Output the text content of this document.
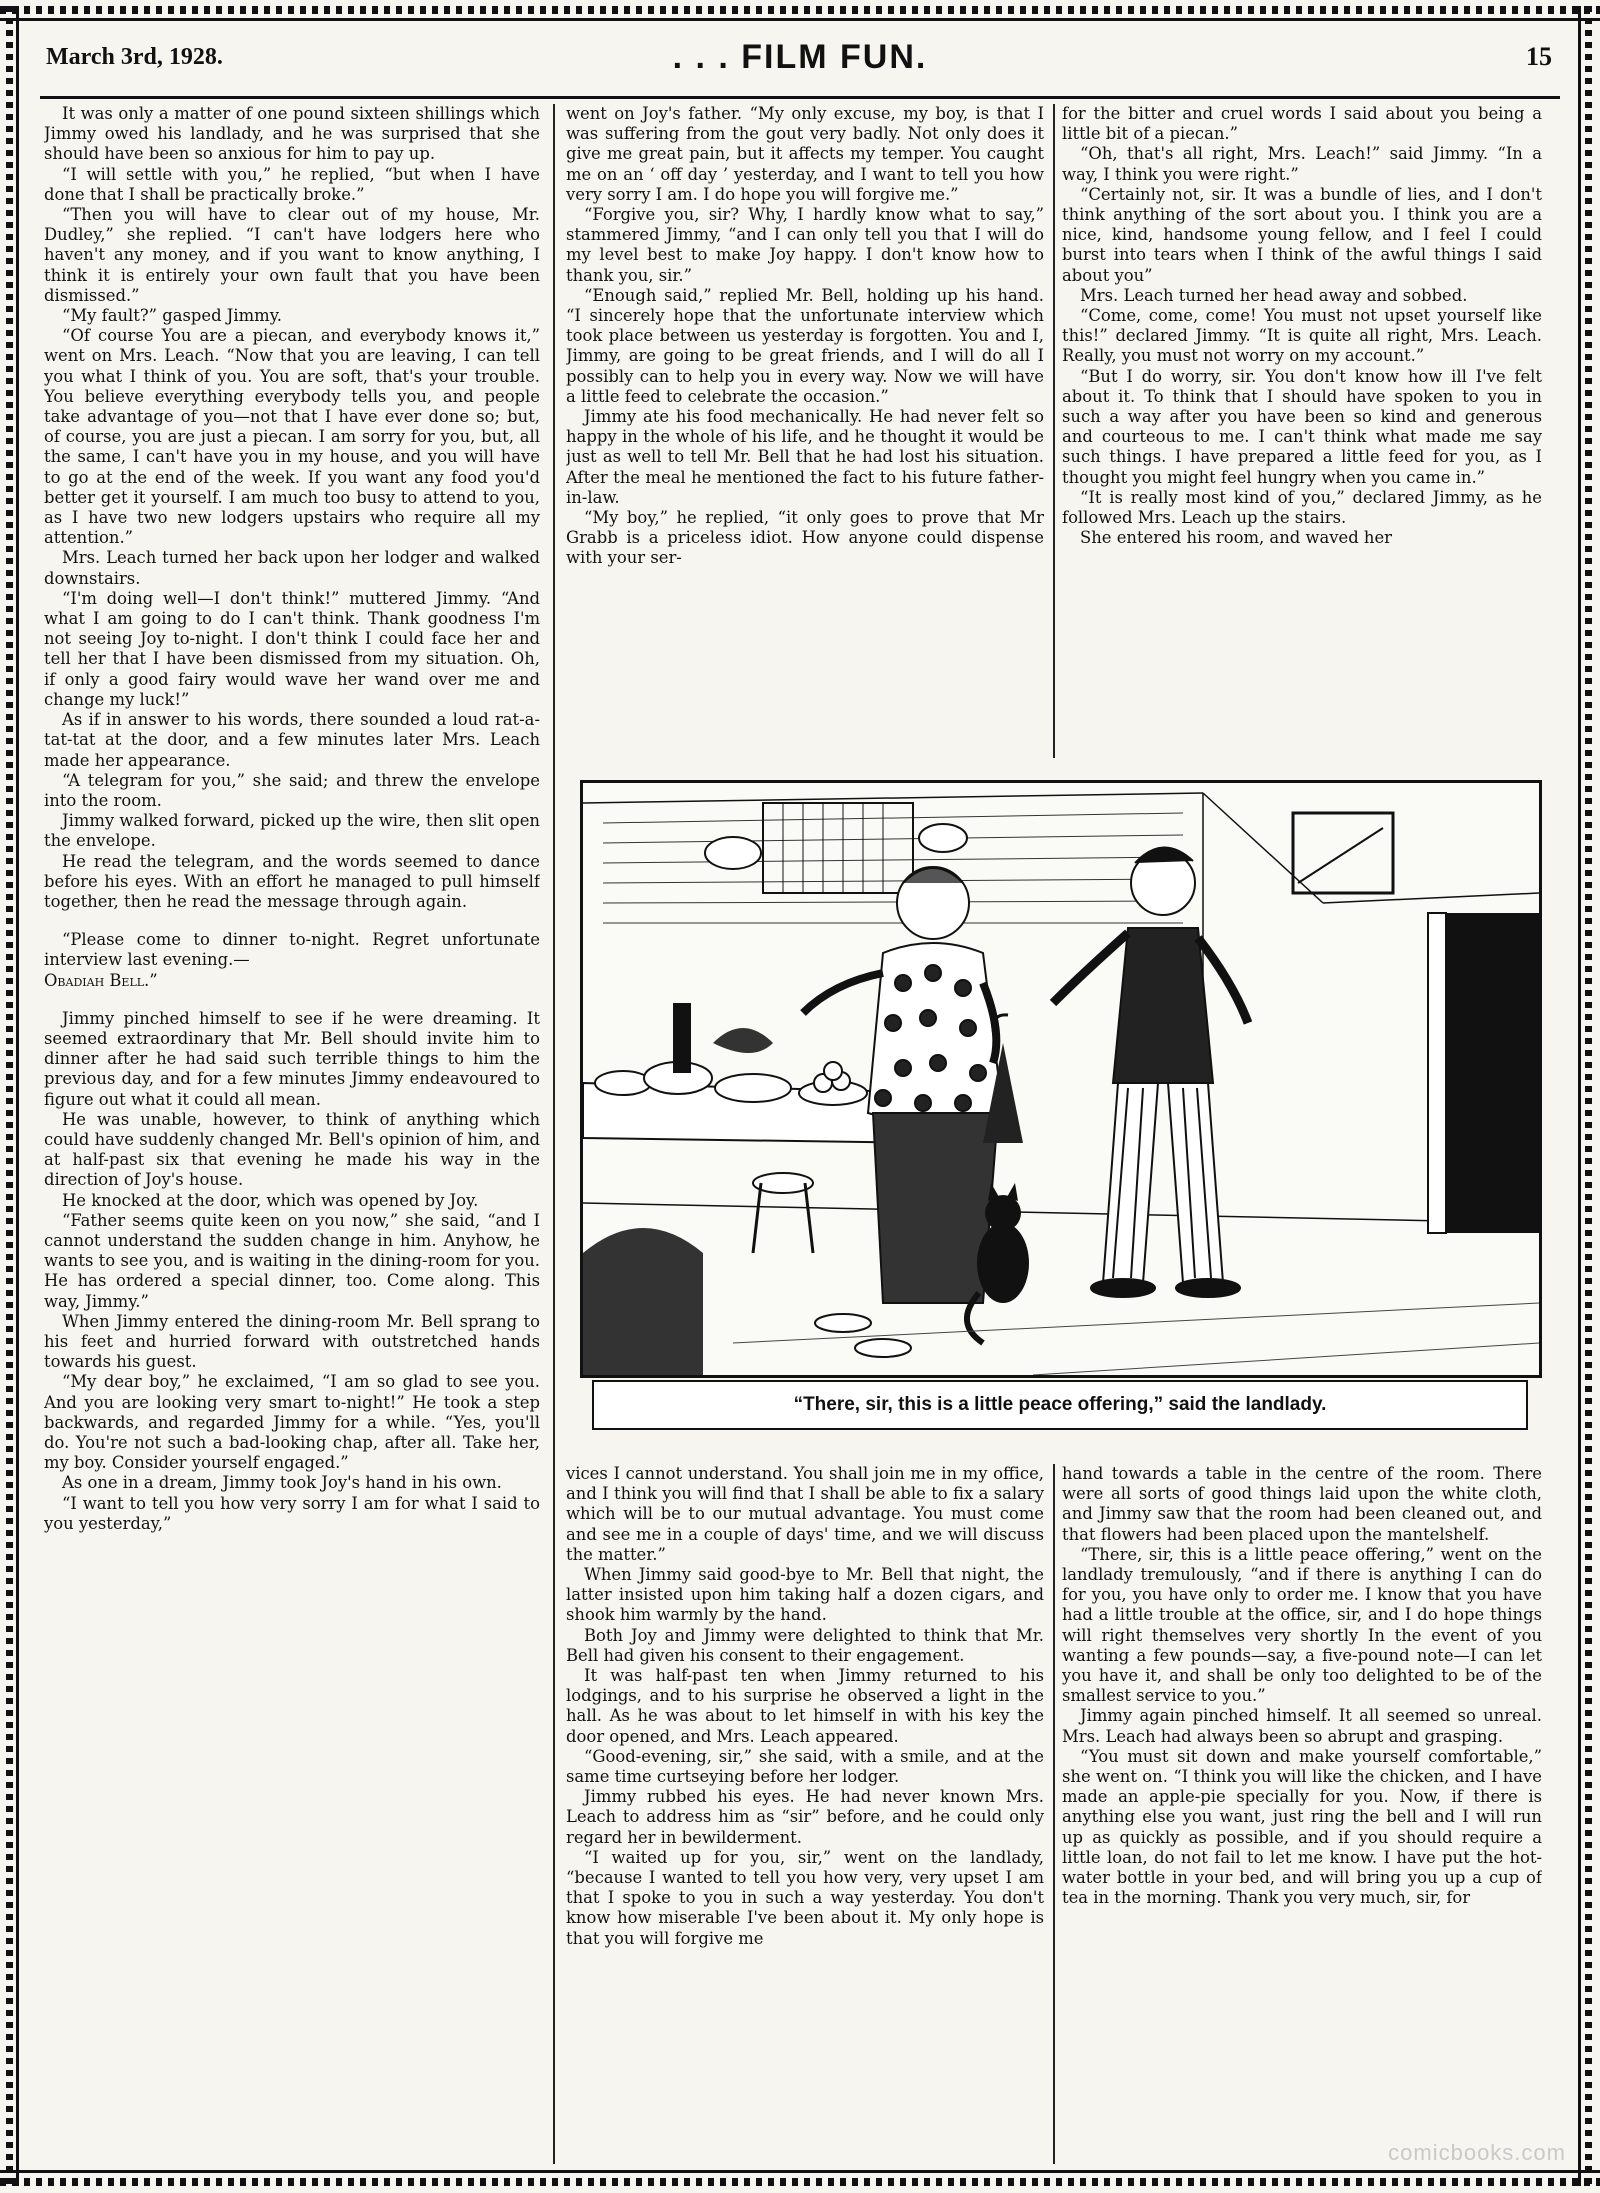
March 3rd, 1928.	. . . FILM FUN.	15

It was only a matter of one pound sixteen shillings which Jimmy owed his landlady, and he was surprised that she should have been so anxious for him to pay up.

“I will settle with you,” he replied, “but when I have done that I shall be practically broke.”

“Then you will have to clear out of my house, Mr. Dudley,” she replied. “I can't have lodgers here who haven't any money, and if you want to know anything, I think it is entirely your own fault that you have been dismissed.”

“My fault?” gasped Jimmy.

“Of course You are a piecan, and everybody knows it,” went on Mrs. Leach. “Now that you are leaving, I can tell you what I think of you. You are soft, that's your trouble. You believe everything everybody tells you, and people take advantage of you—not that I have ever done so; but, of course, you are just a piecan. I am sorry for you, but, all the same, I can't have you in my house, and you will have to go at the end of the week. If you want any food you'd better get it yourself. I am much too busy to attend to you, as I have two new lodgers upstairs who require all my attention.”

Mrs. Leach turned her back upon her lodger and walked downstairs.

“I'm doing well—I don't think!” muttered Jimmy. “And what I am going to do I can't think. Thank goodness I'm not seeing Joy to-night. I don't think I could face her and tell her that I have been dismissed from my situation. Oh, if only a good fairy would wave her wand over me and change my luck!”

As if in answer to his words, there sounded a loud rat-a-tat-tat at the door, and a few minutes later Mrs. Leach made her appearance.

“A telegram for you,” she said; and threw the envelope into the room.

Jimmy walked forward, picked up the wire, then slit open the envelope.

He read the telegram, and the words seemed to dance before his eyes. With an effort he managed to pull himself together, then he read the message through again.

“Please come to dinner to-night. Regret unfortunate interview last evening.—
Obadiah Bell.”

Jimmy pinched himself to see if he were dreaming. It seemed extraordinary that Mr. Bell should invite him to dinner after he had said such terrible things to him the previous day, and for a few minutes Jimmy endeavoured to figure out what it could all mean.

He was unable, however, to think of anything which could have suddenly changed Mr. Bell's opinion of him, and at half-past six that evening he made his way in the direction of Joy's house.

He knocked at the door, which was opened by Joy.

“Father seems quite keen on you now,” she said, “and I cannot understand the sudden change in him. Anyhow, he wants to see you, and is waiting in the dining-room for you. He has ordered a special dinner, too. Come along. This way, Jimmy.”

When Jimmy entered the dining-room Mr. Bell sprang to his feet and hurried forward with outstretched hands towards his guest.

“My dear boy,” he exclaimed, “I am so glad to see you. And you are looking very smart to-night!” He took a step backwards, and regarded Jimmy for a while. “Yes, you'll do. You're not such a bad-looking chap, after all. Take her, my boy. Consider yourself engaged.”

As one in a dream, Jimmy took Joy's hand in his own.

“I want to tell you how very sorry I am for what I said to you yesterday,”

went on Joy's father. “My only excuse, my boy, is that I was suffering from the gout very badly. Not only does it give me great pain, but it affects my temper. You caught me on an ‘ off day ’ yesterday, and I want to tell you how very sorry I am. I do hope you will forgive me.”

“Forgive you, sir? Why, I hardly know what to say,” stammered Jimmy, “and I can only tell you that I will do my level best to make Joy happy. I don't know how to thank you, sir.”

“Enough said,” replied Mr. Bell, holding up his hand. “I sincerely hope that the unfortunate interview which took place between us yesterday is forgotten. You and I, Jimmy, are going to be great friends, and I will do all I possibly can to help you in every way. Now we will have a little feed to celebrate the occasion.”

Jimmy ate his food mechanically. He had never felt so happy in the whole of his life, and he thought it would be just as well to tell Mr. Bell that he had lost his situation. After the meal he mentioned the fact to his future father-in-law.

“My boy,” he replied, “it only goes to prove that Mr Grabb is a priceless idiot. How anyone could dispense with your ser-

for the bitter and cruel words I said about you being a little bit of a piecan.”

“Oh, that's all right, Mrs. Leach!” said Jimmy. “In a way, I think you were right.”

“Certainly not, sir. It was a bundle of lies, and I don't think anything of the sort about you. I think you are a nice, kind, handsome young fellow, and I feel I could burst into tears when I think of the awful things I said about you”

Mrs. Leach turned her head away and sobbed.

“Come, come, come! You must not upset yourself like this!” declared Jimmy. “It is quite all right, Mrs. Leach. Really, you must not worry on my account.”

“But I do worry, sir. You don't know how ill I've felt about it. To think that I should have spoken to you in such a way after you have been so kind and generous and courteous to me. I can't think what made me say such things. I have prepared a little feed for you, as I thought you might feel hungry when you came in.”

“It is really most kind of you,” declared Jimmy, as he followed Mrs. Leach up the stairs.

She entered his room, and waved her

“There, sir, this is a little peace offering,” said the landlady.

vices I cannot understand. You shall join me in my office, and I think you will find that I shall be able to fix a salary which will be to our mutual advantage. You must come and see me in a couple of days' time, and we will discuss the matter.”

When Jimmy said good-bye to Mr. Bell that night, the latter insisted upon him taking half a dozen cigars, and shook him warmly by the hand.

Both Joy and Jimmy were delighted to think that Mr. Bell had given his consent to their engagement.

It was half-past ten when Jimmy returned to his lodgings, and to his surprise he observed a light in the hall. As he was about to let himself in with his key the door opened, and Mrs. Leach appeared.

“Good-evening, sir,” she said, with a smile, and at the same time curtseying before her lodger.

Jimmy rubbed his eyes. He had never known Mrs. Leach to address him as “sir” before, and he could only regard her in bewilderment.

“I waited up for you, sir,” went on the landlady, “because I wanted to tell you how very, very upset I am that I spoke to you in such a way yesterday. You don't know how miserable I've been about it. My only hope is that you will forgive me

hand towards a table in the centre of the room. There were all sorts of good things laid upon the white cloth, and Jimmy saw that the room had been cleaned out, and that flowers had been placed upon the mantelshelf.

“There, sir, this is a little peace offering,” went on the landlady tremulously, “and if there is anything I can do for you, you have only to order me. I know that you have had a little trouble at the office, sir, and I do hope things will right themselves very shortly In the event of you wanting a few pounds—say, a five-pound note—I can let you have it, and shall be only too delighted to be of the smallest service to you.”

Jimmy again pinched himself. It all seemed so unreal. Mrs. Leach had always been so abrupt and grasping.

“You must sit down and make yourself comfortable,” she went on. “I think you will like the chicken, and I have made an apple-pie specially for you. Now, if there is anything else you want, just ring the bell and I will run up as quickly as possible, and if you should require a little loan, do not fail to let me know. I have put the hot-water bottle in your bed, and will bring you up a cup of tea in the morning. Thank you very much, sir, for

comicbooks.com
